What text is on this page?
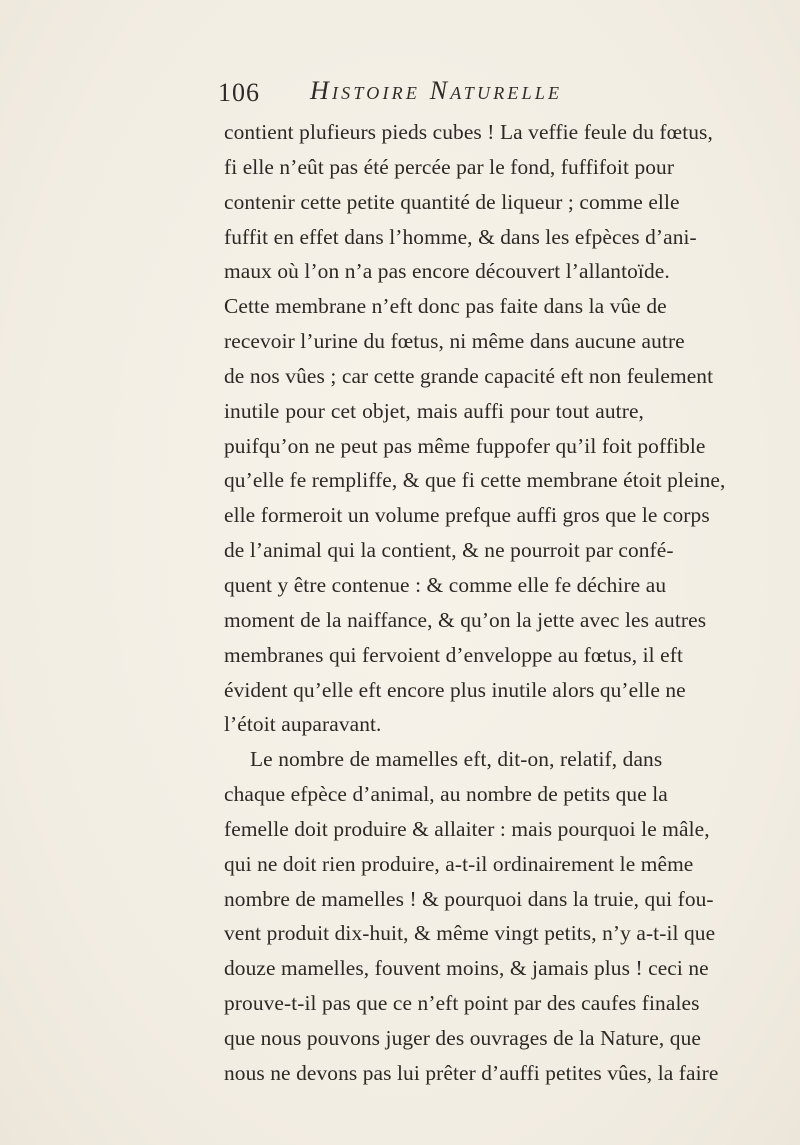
106 Histoire Naturelle
contient plufieurs pieds cubes ! La veffie feule du fœtus,
fi elle n’eût pas été percée par le fond, fuffifoit pour
contenir cette petite quantité de liqueur ; comme elle
fuffit en effet dans l’homme, & dans les efpèces d’ani-
maux où l’on n’a pas encore découvert l’allantoïde.
Cette membrane n’eft donc pas faite dans la vûe de
recevoir l’urine du fœtus, ni même dans aucune autre
de nos vûes ; car cette grande capacité eft non feulement
inutile pour cet objet, mais auffi pour tout autre,
puifqu’on ne peut pas même fuppofer qu’il foit poffible
qu’elle fe rempliffe, & que fi cette membrane étoit pleine,
elle formeroit un volume prefque auffi gros que le corps
de l’animal qui la contient, & ne pourroit par confé-
quent y être contenue : & comme elle fe déchire au
moment de la naiffance, & qu’on la jette avec les autres
membranes qui fervoient d’enveloppe au fœtus, il eft
évident qu’elle eft encore plus inutile alors qu’elle ne
l’étoit auparavant.
Le nombre de mamelles eft, dit-on, relatif, dans
chaque efpèce d’animal, au nombre de petits que la
femelle doit produire & allaiter : mais pourquoi le mâle,
qui ne doit rien produire, a-t-il ordinairement le même
nombre de mamelles ! & pourquoi dans la truie, qui fou-
vent produit dix-huit, & même vingt petits, n’y a-t-il que
douze mamelles, fouvent moins, & jamais plus ! ceci ne
prouve-t-il pas que ce n’eft point par des caufes finales
que nous pouvons juger des ouvrages de la Nature, que
nous ne devons pas lui prêter d’auffi petites vûes, la faire
